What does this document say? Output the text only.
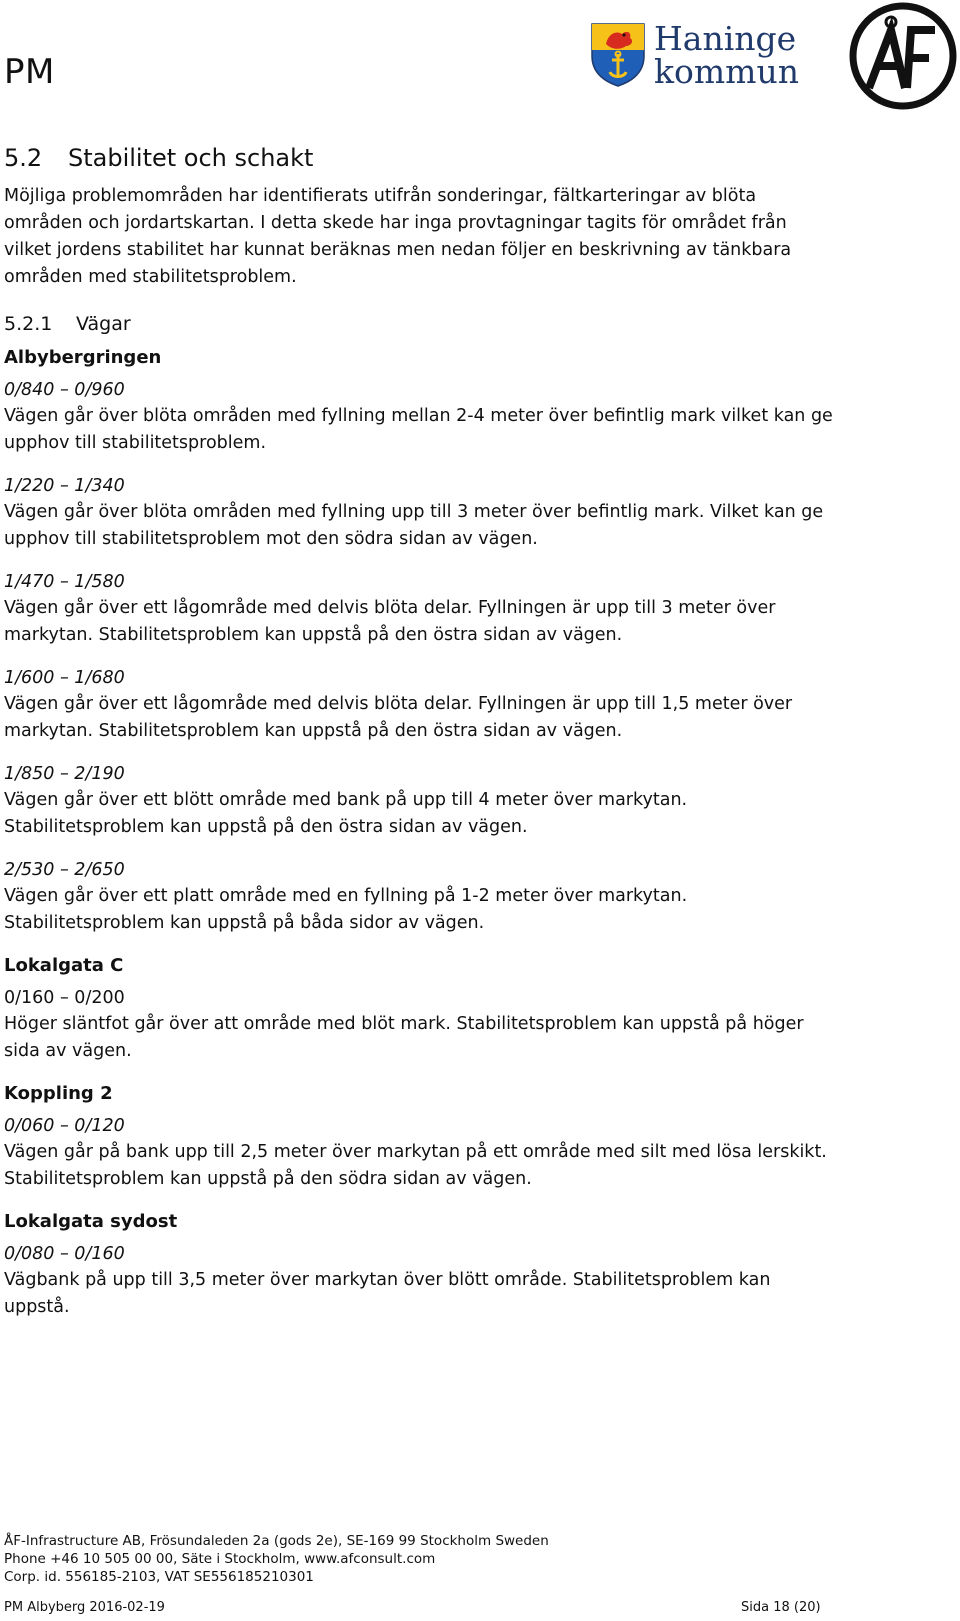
PM
Haninge
kommun
5.2 Stabilitet och schakt

Möjliga problemområden har identifierats utifrån sonderingar, fältkarteringar av blöta områden och jordartskartan. I detta skede har inga provtagningar tagits för området från vilket jordens stabilitet har kunnat beräknas men nedan följer en beskrivning av tänkbara områden med stabilitetsproblem.

5.2.1 Vägar
Albybergringen
0/840 – 0/960

Vägen går över blöta områden med fyllning mellan 2-4 meter över befintlig mark vilket kan ge upphov till stabilitetsproblem.

1/220 – 1/340

Vägen går över blöta områden med fyllning upp till 3 meter över befintlig mark. Vilket kan ge upphov till stabilitetsproblem mot den södra sidan av vägen.

1/470 – 1/580

Vägen går över ett lågområde med delvis blöta delar. Fyllningen är upp till 3 meter över markytan. Stabilitetsproblem kan uppstå på den östra sidan av vägen.

1/600 – 1/680

Vägen går över ett lågområde med delvis blöta delar. Fyllningen är upp till 1,5 meter över markytan. Stabilitetsproblem kan uppstå på den östra sidan av vägen.

1/850 – 2/190

Vägen går över ett blött område med bank på upp till 4 meter över markytan. Stabilitetsproblem kan uppstå på den östra sidan av vägen.

2/530 – 2/650

Vägen går över ett platt område med en fyllning på 1-2 meter över markytan. Stabilitetsproblem kan uppstå på båda sidor av vägen.

Lokalgata C
0/160 – 0/200

Höger släntfot går över att område med blöt mark. Stabilitetsproblem kan uppstå på höger sida av vägen.

Koppling 2
0/060 – 0/120

Vägen går på bank upp till 2,5 meter över markytan på ett område med silt med lösa lerskikt. Stabilitetsproblem kan uppstå på den södra sidan av vägen.

Lokalgata sydost
0/080 – 0/160

Vägbank på upp till 3,5 meter över markytan över blött område. Stabilitetsproblem kan uppstå.

ÅF-Infrastructure AB, Frösundaleden 2a (gods 2e), SE-169 99 Stockholm Sweden
Phone +46 10 505 00 00, Säte i Stockholm, www.afconsult.com
Corp. id. 556185-2103, VAT SE556185210301
PM Albyberg 2016-02-19	Sida 18 (20)
